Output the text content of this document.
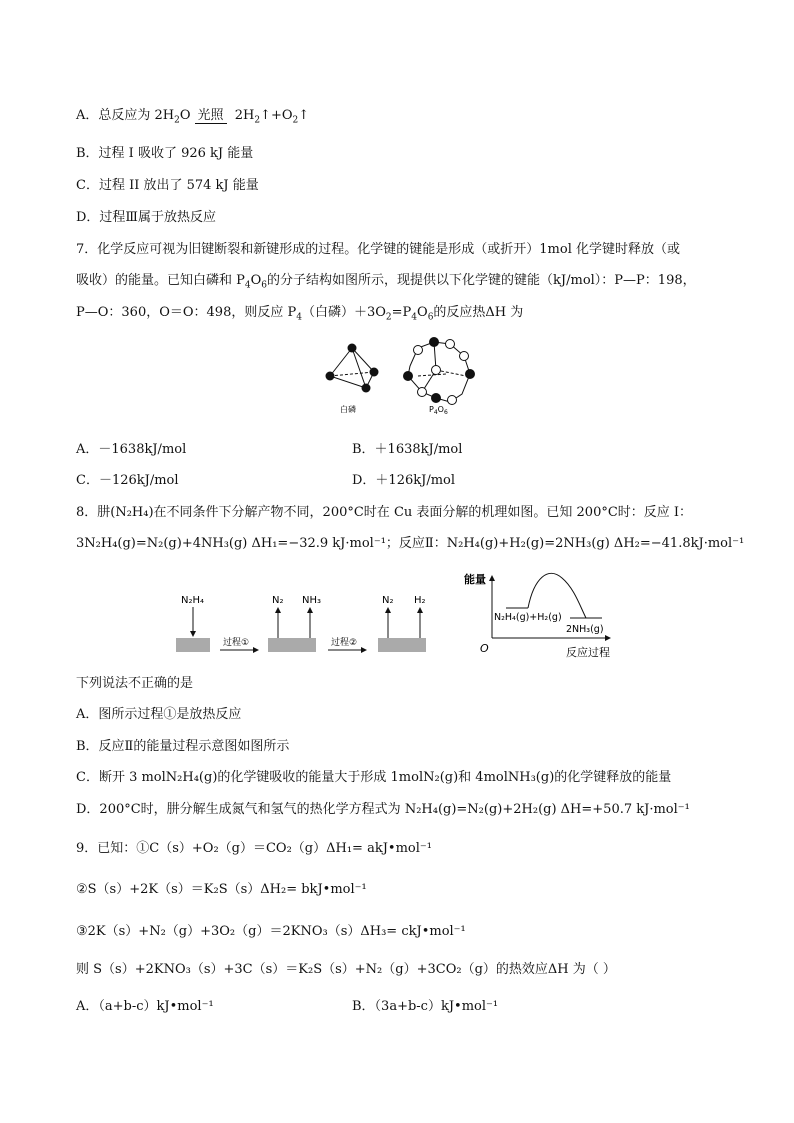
A．总反应为 $2H_2O$ 光照 $2H_2↑+O_2↑$
B．过程 I 吸收了 926 kJ 能量
C．过程 II 放出了 574 kJ 能量
D．过程Ⅲ属于放热反应
7．化学反应可视为旧键断裂和新键形成的过程。化学键的键能是形成（或折开）1mol 化学键时释放（或
吸收）的能量。已知白磷和 $P_4O_6$的分子结构如图所示，现提供以下化学键的键能（kJ/mol）：P—P：198，
P—O：360，O＝O：498，则反应 $P_4$（白磷）$+3O_2=P_4O_6$的反应热ΔH 为
白磷	$P_4O_6$
A．－1638kJ/mol	B．＋1638kJ/mol
C．－126kJ/mol	D．＋126kJ/mol
8．肼(N₂H₄)在不同条件下分解产物不同，200°C时在 Cu 表面分解的机理如图。已知 200°C时：反应 I：
3N₂H₄(g)=N₂(g)+4NH₃(g) ΔH₁=−32.9 kJ·mol⁻¹；反应Ⅱ：N₂H₄(g)+H₂(g)=2NH₃(g) ΔH₂=−41.8kJ·mol⁻¹
N₂H₄
过程①
N₂ NH₃
过程②
N₂ H₂
能量
O
N₂H₄(g)+H₂(g)
2NH₃(g)
反应过程
下列说法不正确的是
A．图所示过程①是放热反应
B．反应Ⅱ的能量过程示意图如图所示
C．断开 3 molN₂H₄(g)的化学键吸收的能量大于形成 1molN₂(g)和 4molNH₃(g)的化学键释放的能量
D．200°C时，肼分解生成氮气和氢气的热化学方程式为 N₂H₄(g)=N₂(g)+2H₂(g) ΔH=+50.7 kJ·mol⁻¹
9．已知：①C（s）+O₂（g）＝CO₂（g）ΔH₁= akJ•mol⁻¹
②S（s）+2K（s）＝K₂S（s）ΔH₂= bkJ•mol⁻¹
③2K（s）+N₂（g）+3O₂（g）＝2KNO₃（s）ΔH₃= ckJ•mol⁻¹
则 S（s）+2KNO₃（s）+3C（s）＝K₂S（s）+N₂（g）+3CO₂（g）的热效应ΔH 为（ ）
A．（a+b-c）kJ•mol⁻¹	B．（3a+b-c）kJ•mol⁻¹
